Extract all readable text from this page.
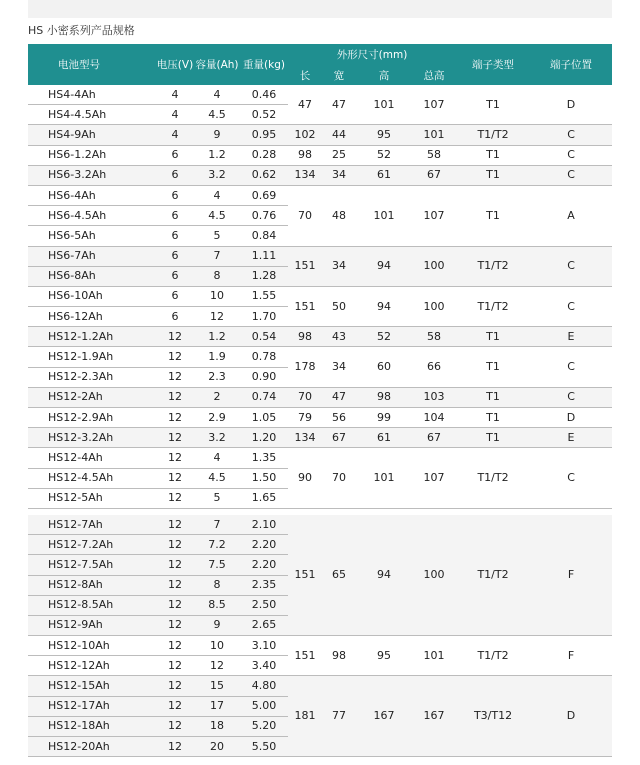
HS 小密系列产品规格
电池型号	电压(V)	容量(Ah)	重量(kg)	外形尺寸(mm)				端子类型	端子位置
				长	宽	高	总高		
HS4-4Ah	4	4	0.46	47	47	101	107	T1	D
HS4-4.5Ah	4	4.5	0.52						
HS4-9Ah	4	9	0.95	102	44	95	101	T1/T2	C
HS6-1.2Ah	6	1.2	0.28	98	25	52	58	T1	C
HS6-3.2Ah	6	3.2	0.62	134	34	61	67	T1	C
HS6-4Ah	6	4	0.69	70	48	101	107	T1	A
HS6-4.5Ah	6	4.5	0.76						
HS6-5Ah	6	5	0.84						
HS6-7Ah	6	7	1.11	151	34	94	100	T1/T2	C
HS6-8Ah	6	8	1.28						
HS6-10Ah	6	10	1.55	151	50	94	100	T1/T2	C
HS6-12Ah	6	12	1.70						
HS12-1.2Ah	12	1.2	0.54	98	43	52	58	T1	E
HS12-1.9Ah	12	1.9	0.78	178	34	60	66	T1	C
HS12-2.3Ah	12	2.3	0.90						
HS12-2Ah	12	2	0.74	70	47	98	103	T1	C
HS12-2.9Ah	12	2.9	1.05	79	56	99	104	T1	D
HS12-3.2Ah	12	3.2	1.20	134	67	61	67	T1	E
HS12-4Ah	12	4	1.35	90	70	101	107	T1/T2	C
HS12-4.5Ah	12	4.5	1.50						
HS12-5Ah	12	5	1.65						

HS12-7Ah	12	7	2.10	151	65	94	100	T1/T2	F
HS12-7.2Ah	12	7.2	2.20						
HS12-7.5Ah	12	7.5	2.20						
HS12-8Ah	12	8	2.35						
HS12-8.5Ah	12	8.5	2.50						
HS12-9Ah	12	9	2.65						
HS12-10Ah	12	10	3.10	151	98	95	101	T1/T2	F
HS12-12Ah	12	12	3.40						
HS12-15Ah	12	15	4.80	181	77	167	167	T3/T12	D
HS12-17Ah	12	17	5.00						
HS12-18Ah	12	18	5.20						
HS12-20Ah	12	20	5.50						
